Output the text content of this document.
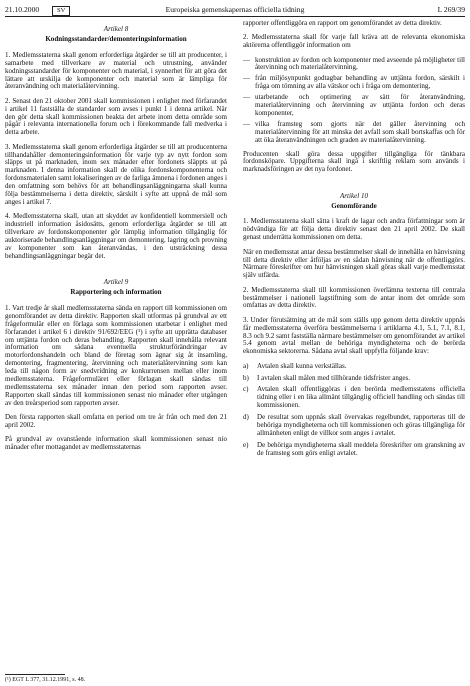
21.10.2000	SV	Europeiska gemenskapernas officiella tidning	L 269/39

Artikel 8

Kodningsstandarder/demonteringsinformation

1. Medlemsstaterna skall genom erforderliga åtgärder se till att producenter, i samarbete med tillverkare av material och utrustning, använder kodningsstandarder för komponenter och material, i synnerhet för att göra det lättare att urskilja de komponenter och material som är lämpliga för återanvändning och materialåtervinning.

2. Senast den 21 oktober 2001 skall kommissionen i enlighet med förfarandet i artikel 11 fastställa de standarder som avses i punkt 1 i denna artikel. När den gör detta skall kommissionen beakta det arbete inom detta område som pågår i relevanta internationella forum och i förekommande fall medverka i detta arbete.

3. Medlemsstaterna skall genom erforderliga åtgärder se till att producenterna tillhandahåller demonteringsinformation för varje typ av nytt fordon som släpps ut på marknaden, inom sex månader efter fordonets släppts ut på marknaden. I denna information skall de olika fordonskomponenterna och fordonsmaterialen samt lokaliseringen av de farliga ämnena i fordonen anges i den omfattning som behövs för att behandlingsanläggningarna skall kunna följa bestämmelserna i detta direktiv, särskilt i syfte att uppnå de mål som anges i artikel 7.

4. Medlemsstaterna skall, utan att skyddet av konfidentiell kommersiell och industriell information åsidosätts, genom erforderliga åtgärder se till att tillverkare av fordonskomponenter gör lämplig information tillgänglig för auktoriserade behandlingsanläggningar om demontering, lagring och provning av komponenter som kan återanvändas, i den utsträckning dessa behandlingsanläggningar begär det.

Artikel 9

Rapportering och information

1. Vart tredje år skall medlemsstaterna sända en rapport till kommissionen om genomförandet av detta direktiv. Rapporten skall utformas på grundval av ett frågeformulär eller en förlaga som kommissionen utarbetar i enlighet med förfarandet i artikel 6 i direktiv 91/692/EEG (¹) i syfte att upprätta databaser om uttjänta fordon och deras behandling. Rapporten skall innehålla relevant information om sådana eventuella strukturförändringar av motorfordonshandeln och bland de företag som ägnar sig åt insamling, demontering, fragmentering, återvinning och materialåtervinning som kan leda till någon form av snedvridning av konkurrensen mellan eller inom medlemsstaterna. Frågeformuläret eller förlagan skall sändas till medlemsstaterna sex månader innan den period som rapporten avser. Rapporten skall sändas till kommissionen senast nio månader efter utgången av den treårsperiod som rapporten avser.

Den första rapporten skall omfatta en period om tre år från och med den 21 april 2002.

På grundval av ovanstående information skall kommissionen senast nio månader efter mottagandet av medlemsstaternas

(¹) EGT L 377, 31.12.1991, s. 48.

rapporter offentliggöra en rapport om genomförandet av detta direktiv.

2. Medlemsstaterna skall för varje fall kräva att de relevanta ekonomiska aktörerna offentliggör information om

— konstruktion av fordon och komponenter med avseende på möjligheter till återvinning och materialåtervinning,
— från miljösynpunkt godtagbar behandling av uttjänta fordon, särskilt i fråga om tömning av alla vätskor och i fråga om demontering,
— utarbetande och optimering av sätt för återanvändning, materialåtervinning och återvinning av uttjänta fordon och deras komponenter,
— vilka framsteg som gjorts när det gäller återvinning och materialåtervinning för att minska det avfall som skall bortskaffas och för att öka återanvändningen och graden av materialåtervinning.

Producenten skall göra dessa uppgifter tillgängliga för tänkbara fordonsköpare. Uppgifterna skall ingå i skriftlig reklam som används i marknadsföringen av det nya fordonet.

Artikel 10

Genomförande

1. Medlemsstaterna skall sätta i kraft de lagar och andra författningar som är nödvändiga för att följa detta direktiv senast den 21 april 2002. De skall genast underrätta kommissionen om detta.

När en medlemsstat antar dessa bestämmelser skall de innehålla en hänvisning till detta direktiv eller åtföljas av en sådan hänvisning när de offentliggörs. Närmare föreskrifter om hur hänvisningen skall göras skall varje medlemsstat själv utfärda.

2. Medlemsstaterna skall till kommissionen överlämna texterna till centrala bestämmelser i nationell lagstiftning som de antar inom det område som omfattas av detta direktiv.

3. Under förutsättning att de mål som ställs upp genom detta direktiv uppnås får medlemsstaterna överföra bestämmelserna i artiklarna 4.1, 5.1, 7.1, 8.1, 8.3 och 9.2 samt fastställa närmare bestämmelser om genomförandet av artikel 5.4 genom avtal mellan de behöriga myndigheterna och de berörda ekonomiska sektorerna. Sådana avtal skall uppfylla följande krav:

a)	Avtalen skall kunna verkställas.
b)	I avtalen skall målen med tillhörande tidsfrister anges.
c)	Avtalen skall offentliggöras i den berörda medlemsstatens officiella tidning eller i en lika allmänt tillgänglig officiell handling och sändas till kommissionen.
d)	De resultat som uppnås skall övervakas regelbundet, rapporteras till de behöriga myndigheterna och till kommissionen och göras tillgängliga för allmänheten enligt de villkor som anges i avtalet.
e)	De behöriga myndigheterna skall meddela föreskrifter om granskning av de framsteg som görs enligt avtalet.
